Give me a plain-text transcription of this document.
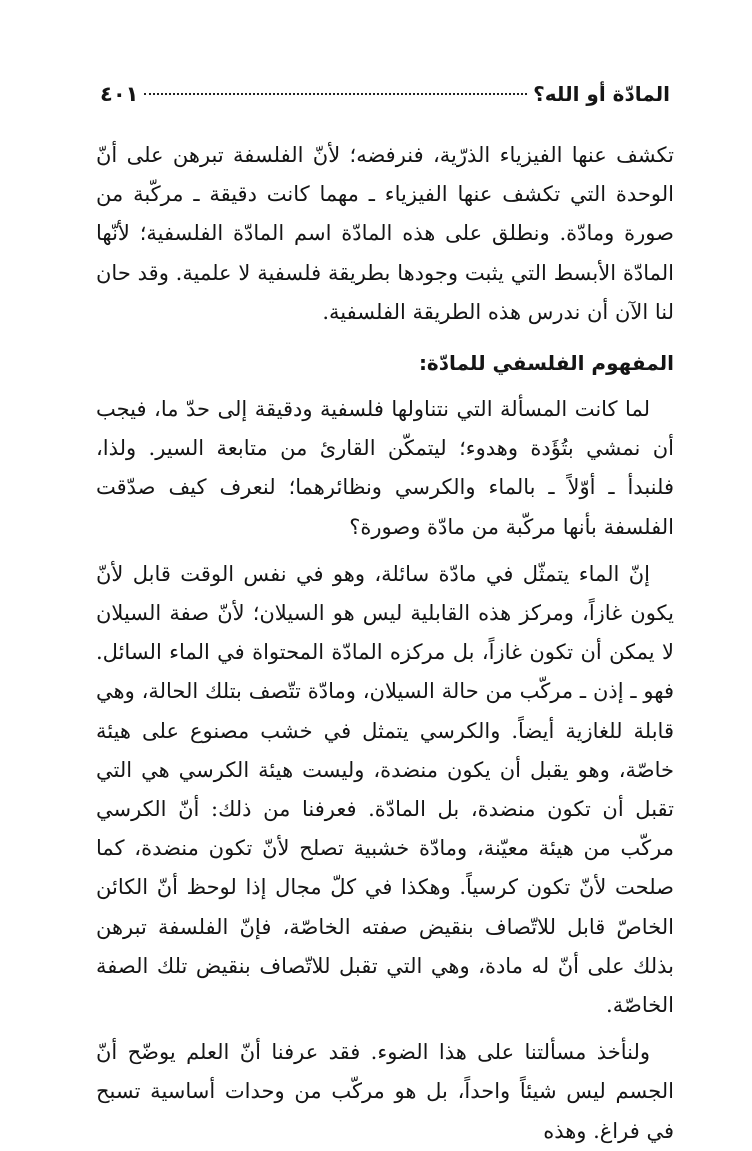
المادّة أو الله؟
٤٠١

تكشف عنها الفيزياء الذرّية، فنرفضه؛ لأنّ الفلسفة تبرهن على أنّ الوحدة التي تكشف عنها الفيزياء ـ مهما كانت دقيقة ـ مركّبة من صورة ومادّة. ونطلق على هذه المادّة اسم المادّة الفلسفية؛ لأنّها المادّة الأبسط التي يثبت وجودها بطريقة فلسفية لا علمية. وقد حان لنا الآن أن ندرس هذه الطريقة الفلسفية.

المفهوم الفلسفي للمادّة:

لما كانت المسألة التي نتناولها فلسفية ودقيقة إلى حدّ ما، فيجب أن نمشي بتُؤَدة وهدوء؛ ليتمكّن القارئ من متابعة السير. ولذا، فلنبدأ ـ أوّلاً ـ بالماء والكرسي ونظائرهما؛ لنعرف كيف صدّقت الفلسفة بأنها مركّبة من مادّة وصورة؟

إنّ الماء يتمثّل في مادّة سائلة، وهو في نفس الوقت قابل لأنّ يكون غازاً، ومركز هذه القابلية ليس هو السيلان؛ لأنّ صفة السيلان لا يمكن أن تكون غازاً، بل مركزه المادّة المحتواة في الماء السائل. فهو ـ إذن ـ مركّب من حالة السيلان، ومادّة تتّصف بتلك الحالة، وهي قابلة للغازية أيضاً. والكرسي يتمثل في خشب مصنوع على هيئة خاصّة، وهو يقبل أن يكون منضدة، وليست هيئة الكرسي هي التي تقبل أن تكون منضدة، بل المادّة. فعرفنا من ذلك: أنّ الكرسي مركّب من هيئة معيّنة، ومادّة خشبية تصلح لأنّ تكون منضدة، كما صلحت لأنّ تكون كرسياً. وهكذا في كلّ مجال إذا لوحظ أنّ الكائن الخاصّ قابل للاتّصاف بنقيض صفته الخاصّة، فإنّ الفلسفة تبرهن بذلك على أنّ له مادة، وهي التي تقبل للاتّصاف بنقيض تلك الصفة الخاصّة.

ولنأخذ مسألتنا على هذا الضوء. فقد عرفنا أنّ العلم يوضّح أنّ الجسم ليس شيئاً واحداً، بل هو مركّب من وحدات أساسية تسبح في فراغ. وهذه
